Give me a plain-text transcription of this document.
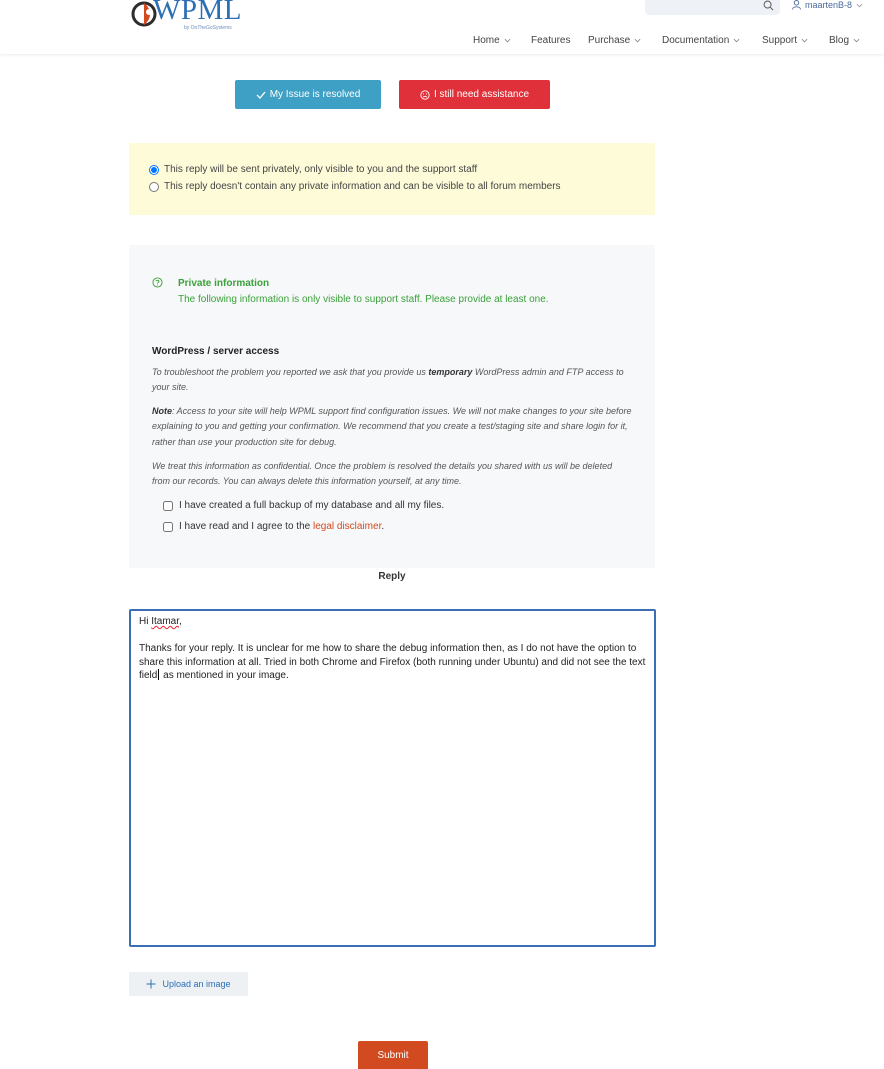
WPML
by OnTheGoSystems
maartenB-8
Home	Features Purchase	Documentation	Support	Blog
My Issue is resolved	I still need assistance
This reply will be sent privately, only visible to you and the support staff
This reply doesn't contain any private information and can be visible to all forum members
Private information
The following information is only visible to support staff. Please provide at least one.
WordPress / server access
To troubleshoot the problem you reported we ask that you provide us temporary WordPress admin and FTP access to your site.
Note: Access to your site will help WPML support find configuration issues. We will not make changes to your site before explaining to you and getting your confirmation. We recommend that you create a test/staging site and share login for it, rather than use your production site for debug.
We treat this information as confidential. Once the problem is resolved the details you shared with us will be deleted from our records. You can always delete this information yourself, at any time.
I have created a full backup of my database and all my files.
I have read and I agree to the legal disclaimer.
Reply

Hi Itamar,

Thanks for your reply. It is unclear for me how to share the debug information then, as I do not have the option to share this information at all. Tried in both Chrome and Firefox (both running under Ubuntu) and did not see the text field as mentioned in your image.

Upload an image
Submit
